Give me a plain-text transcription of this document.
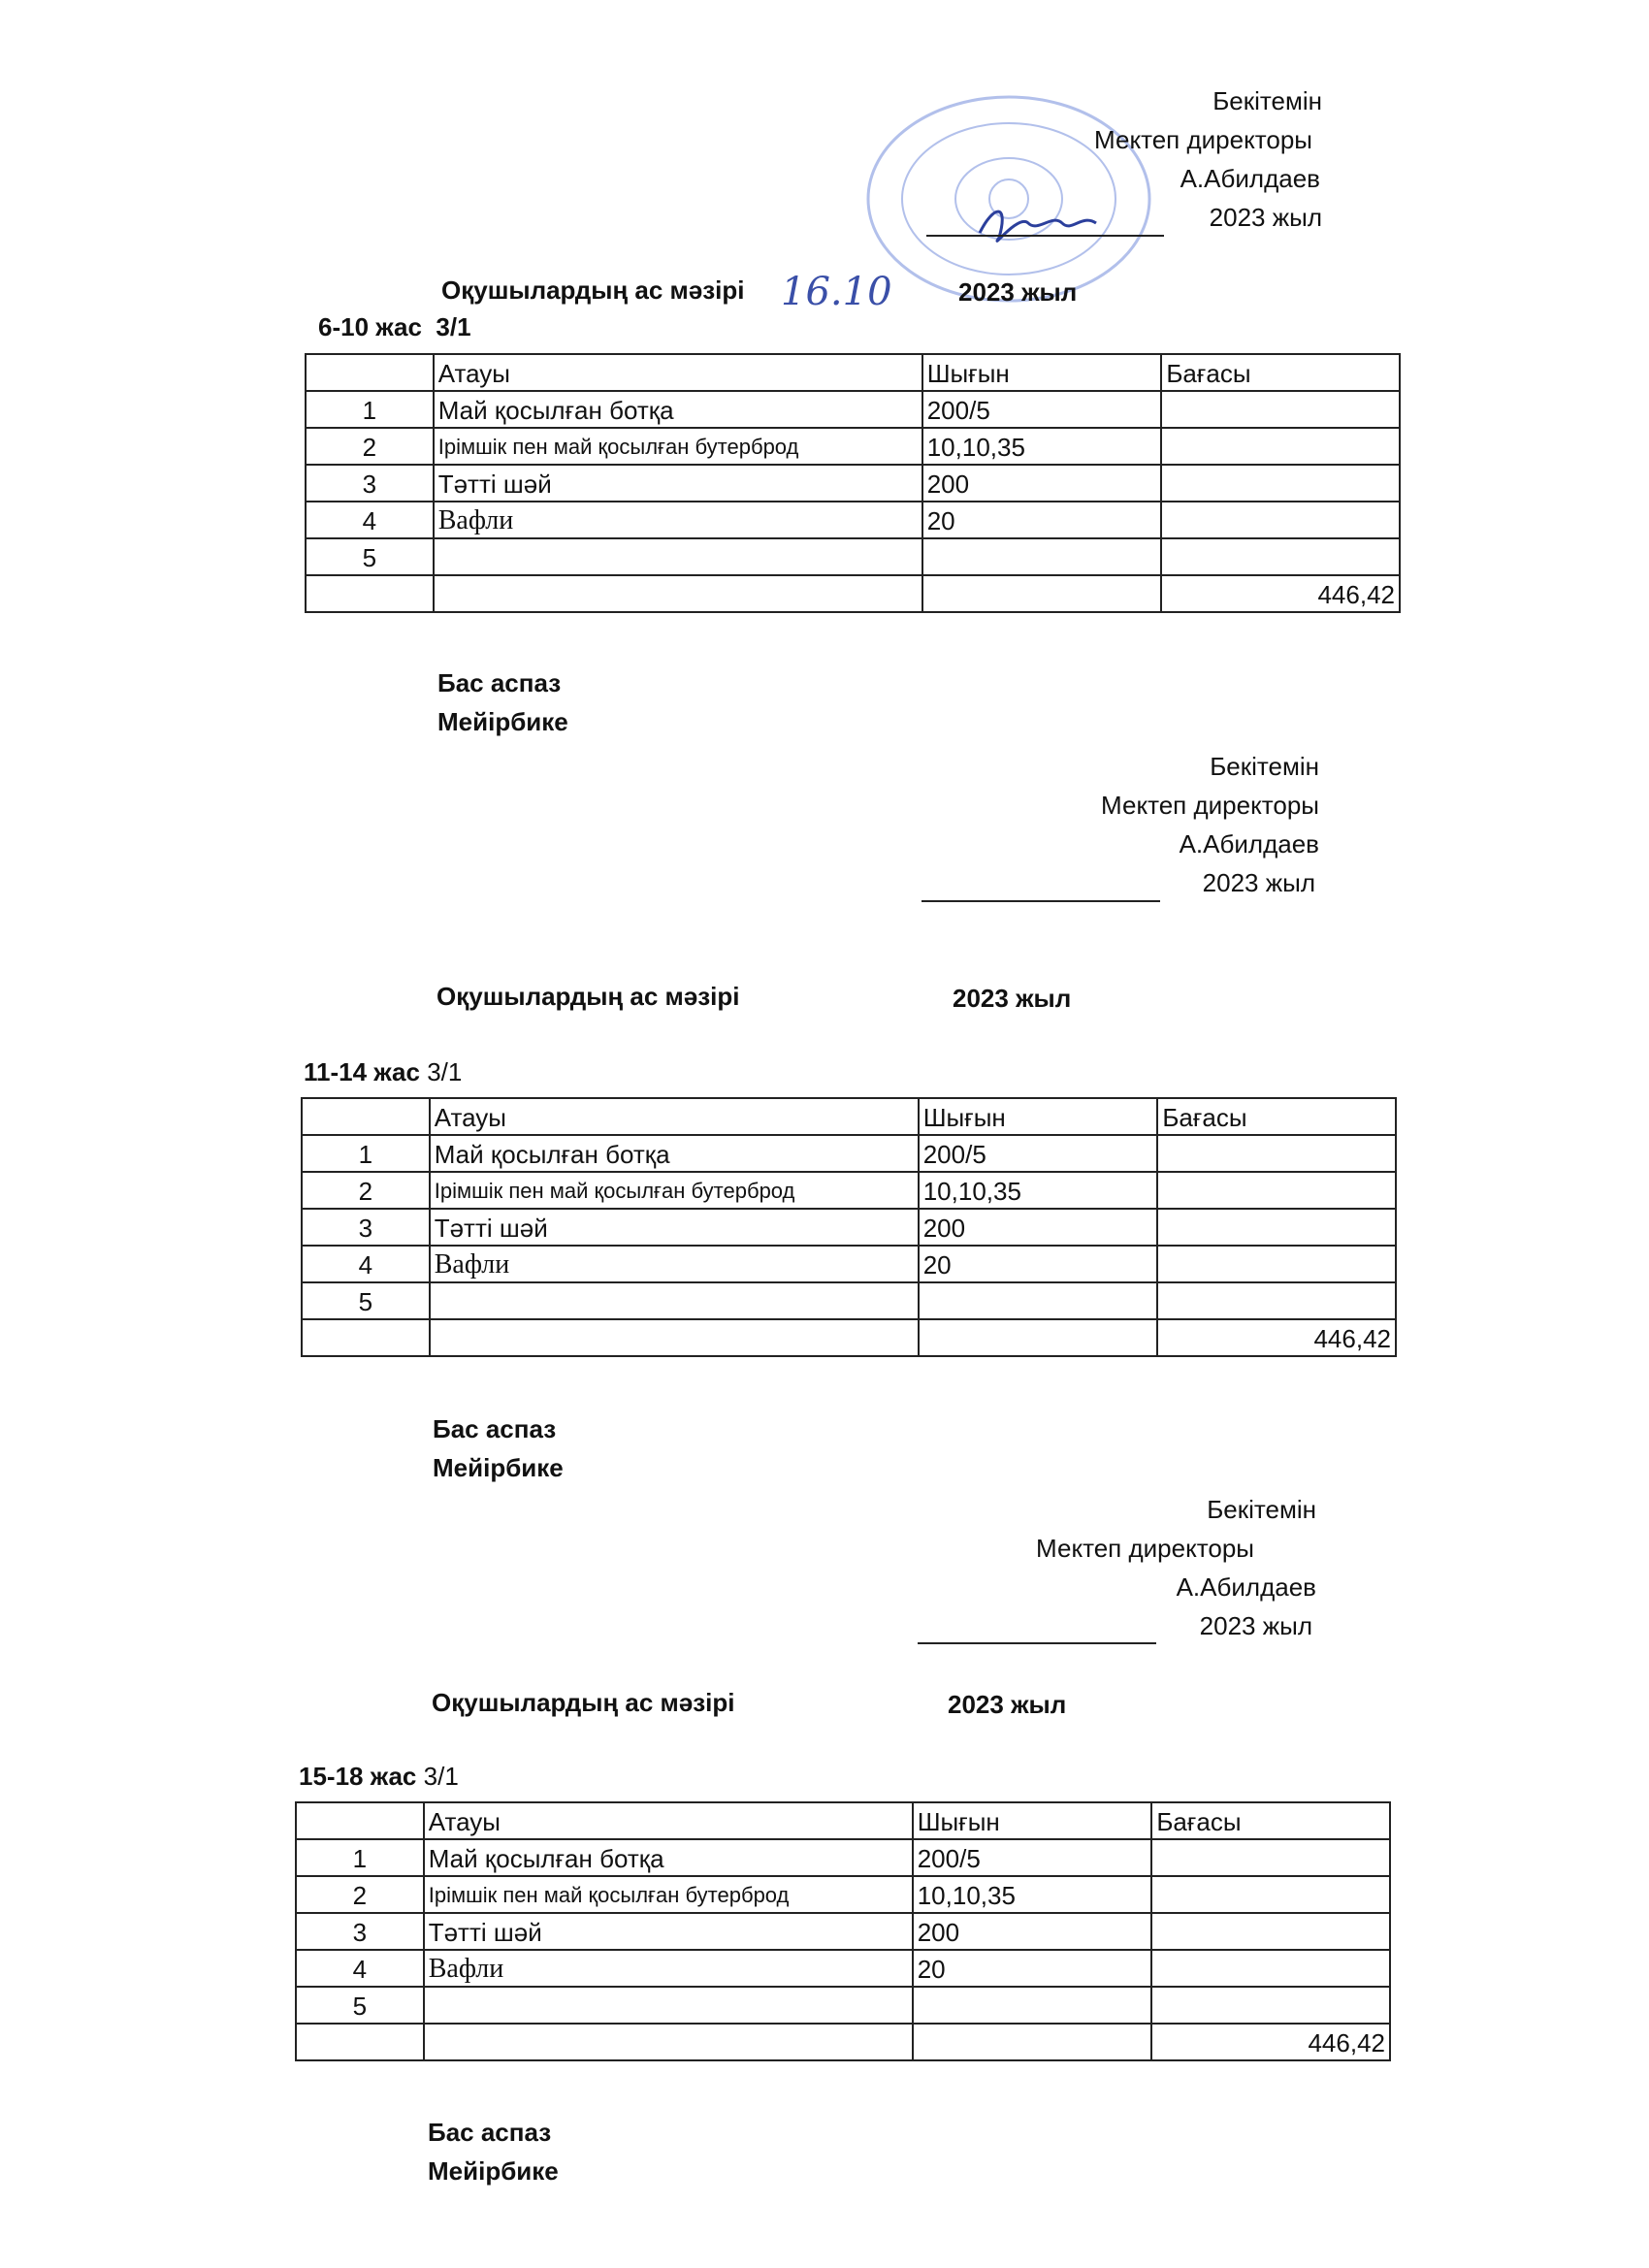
Бекітемін
Мектеп директоры
А.Абилдаев
2023 жыл
Оқушылардың ас мәзірі 16.10	2023 жыл
6-10 жас 3/1
	Атауы	Шығын	Бағасы
1	Май қосылған ботқа	200/5	
2	Ірімшік пен май қосылған бутерброд	10,10,35	
3	Тәтті шәй	200	
4	Вафли	20	
5			
			446,42
Бас аспаз
Мейірбике
Бекітемін
Мектеп директоры
А.Абилдаев
2023 жыл
Оқушылардың ас мәзірі	2023 жыл
11-14 жас 3/1
	Атауы	Шығын	Бағасы
1	Май қосылған ботқа	200/5	
2	Ірімшік пен май қосылған бутерброд	10,10,35	
3	Тәтті шәй	200	
4	Вафли	20	
5			
			446,42
Бас аспаз
Мейірбике
Бекітемін
Мектеп директоры
А.Абилдаев
2023 жыл
Оқушылардың ас мәзірі	2023 жыл
15-18 жас 3/1
	Атауы	Шығын	Бағасы
1	Май қосылған ботқа	200/5	
2	Ірімшік пен май қосылған бутерброд	10,10,35	
3	Тәтті шәй	200	
4	Вафли	20	
5			
			446,42
Бас аспаз
Мейірбике
